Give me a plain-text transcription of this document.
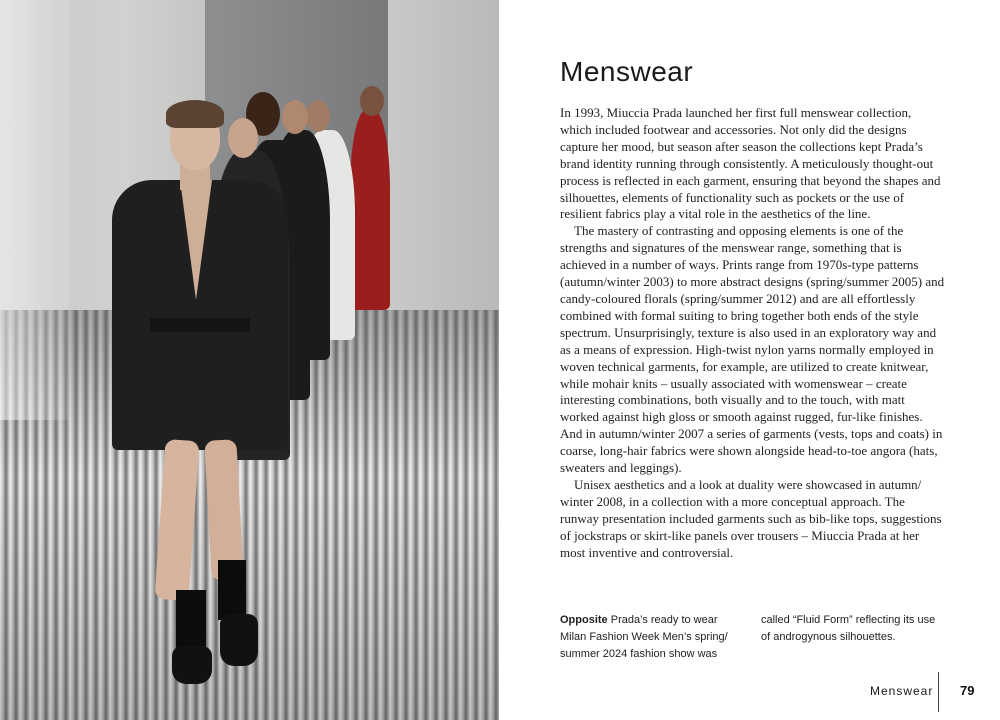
Menswear

In 1993, Miuccia Prada launched her first full menswear collection, which included footwear and accessories. Not only did the designs capture her mood, but season after season the collections kept Prada’s brand identity running through consistently. A meticulously thought-out process is reflected in each garment, ensuring that beyond the shapes and silhouettes, elements of functionality such as pockets or the use of resilient fabrics play a vital role in the aesthetics of the line.

The mastery of contrasting and opposing elements is one of the strengths and signatures of the menswear range, something that is achieved in a number of ways. Prints range from 1970s-type patterns (autumn/winter 2003) to more abstract designs (spring/summer 2005) and candy-coloured florals (spring/summer 2012) and are all effortlessly combined with formal suiting to bring together both ends of the style spectrum. Unsurprisingly, texture is also used in an exploratory way and as a means of expression. High-twist nylon yarns normally employed in woven technical garments, for example, are utilized to create knitwear, while mohair knits – usually associated with womenswear – create interesting combinations, both visually and to the touch, with matt worked against high gloss or smooth against rugged, fur-like finishes. And in autumn/winter 2007 a series of garments (vests, tops and coats) in coarse, long-hair fabrics were shown alongside head-to-toe angora (hats, sweaters and leggings).

Unisex aesthetics and a look at duality were showcased in autumn/ winter 2008, in a collection with a more conceptual approach. The runway presentation included garments such as bib-like tops, suggestions of jockstraps or skirt-like panels over trousers – Miuccia Prada at her most inventive and controversial.

Opposite Prada’s ready to wear Milan Fashion Week Men’s spring/ summer 2024 fashion show was called “Fluid Form” reflecting its use of androgynous silhouettes.
Menswear 79
